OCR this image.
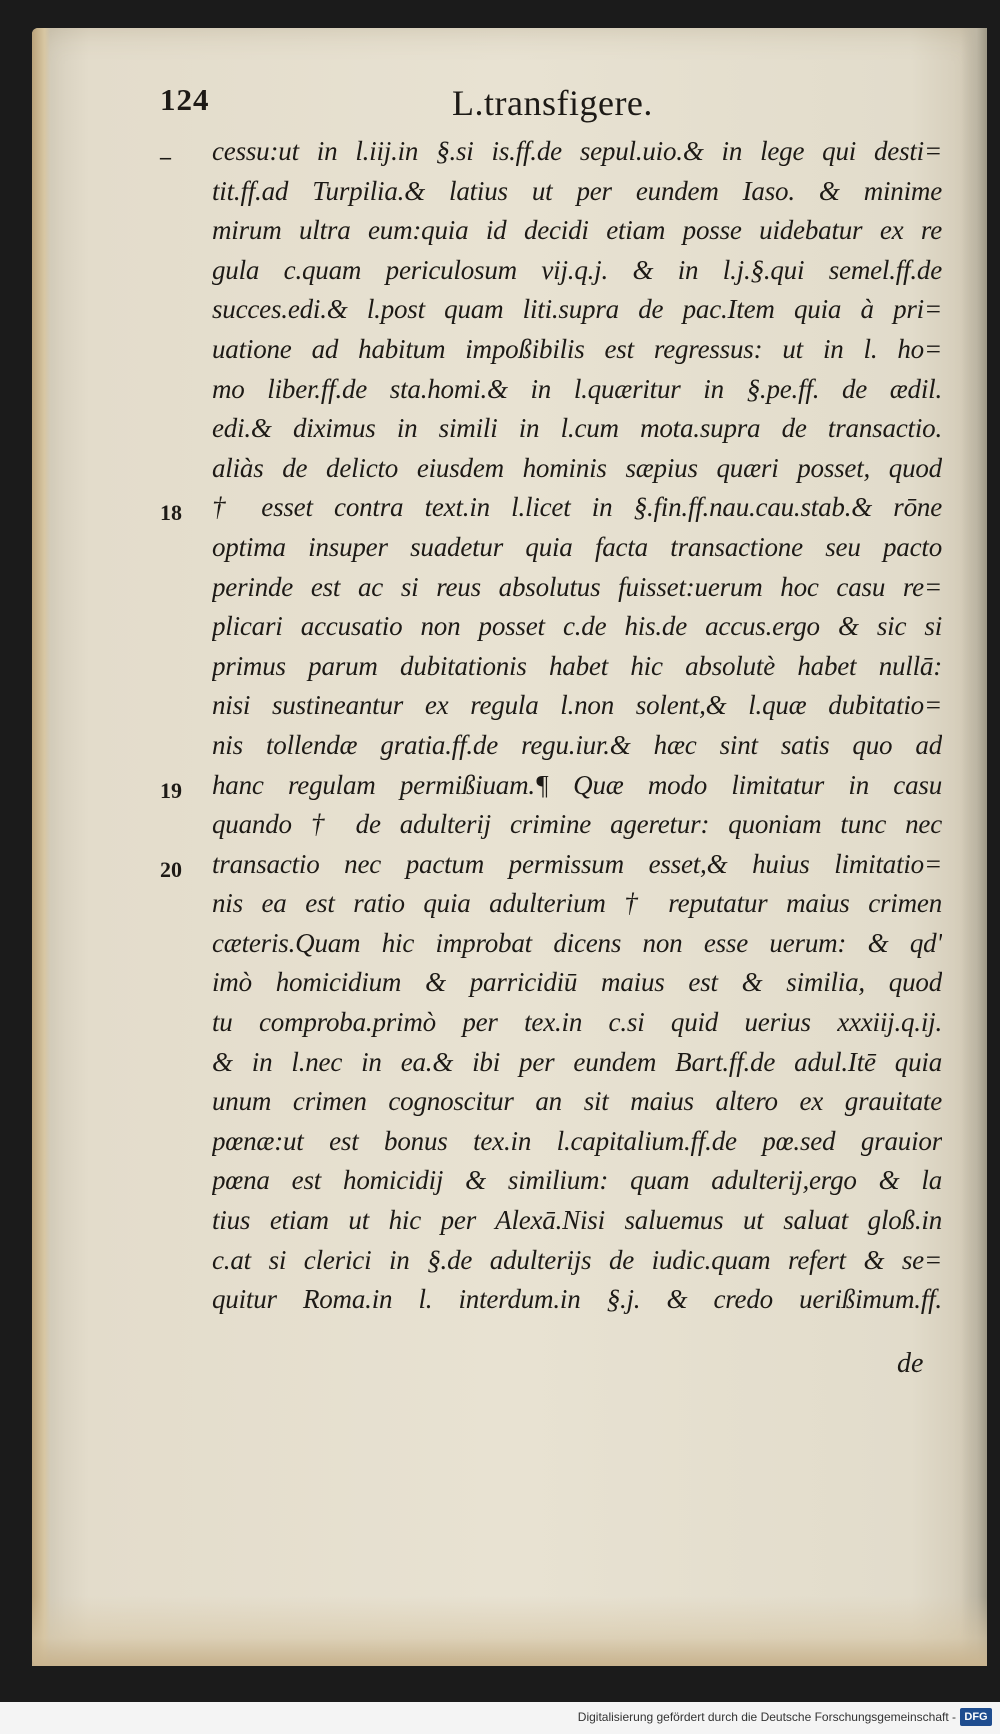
124	L.transfigere.
–
18
19
20
cessu:ut in l.iij.in §.si is.ff.de sepul.uio.& in lege qui desti=
tit.ff.ad Turpilia.& latius ut per eundem Iaso. & minime
mirum ultra eum:quia id decidi etiam posse uidebatur ex re
gula c.quam periculosum vij.q.j. & in l.j.§.qui semel.ff.de
succes.edi.& l.post quam liti.supra de pac.Item quia à pri=
uatione ad habitum impoßibilis est regressus: ut in l. ho=
mo liber.ff.de sta.homi.& in l.quæritur in §.pe.ff. de ædil.
edi.& diximus in simili in l.cum mota.supra de transactio.
aliàs de delicto eiusdem hominis sæpius quæri posset, quod
† esset contra text.in l.licet in §.fin.ff.nau.cau.stab.& rōne
optima insuper suadetur quia facta transactione seu pacto
perinde est ac si reus absolutus fuisset:uerum hoc casu re=
plicari accusatio non posset c.de his.de accus.ergo & sic si
primus parum dubitationis habet hic absolutè habet nullā:
nisi sustineantur ex regula l.non solent,& l.quæ dubitatio=
nis tollendæ gratia.ff.de regu.iur.& hæc sint satis quo ad
hanc regulam permißiuam.¶ Quæ modo limitatur in casu
quando † de adulterij crimine ageretur: quoniam tunc nec
transactio nec pactum permissum esset,& huius limitatio=
nis ea est ratio quia adulterium † reputatur maius crimen
cæteris.Quam hic improbat dicens non esse uerum: & qd'
imò homicidium & parricidiū maius est & similia, quod
tu comproba.primò per tex.in c.si quid uerius xxxiij.q.ij.
& in l.nec in ea.& ibi per eundem Bart.ff.de adul.Itē quia
unum crimen cognoscitur an sit maius altero ex grauitate
pœnæ:ut est bonus tex.in l.capitalium.ff.de pœ.sed grauior
pœna est homicidij & similium: quam adulterij,ergo & la
tius etiam ut hic per Alexā.Nisi saluemus ut saluat gloß.in
c.at si clerici in §.de adulterijs de iudic.quam refert & se=
quitur Roma.in l. interdum.in §.j. & credo uerißimum.ff.
de
Digitalisierung gefördert durch die Deutsche Forschungsgemeinschaft - DFG
